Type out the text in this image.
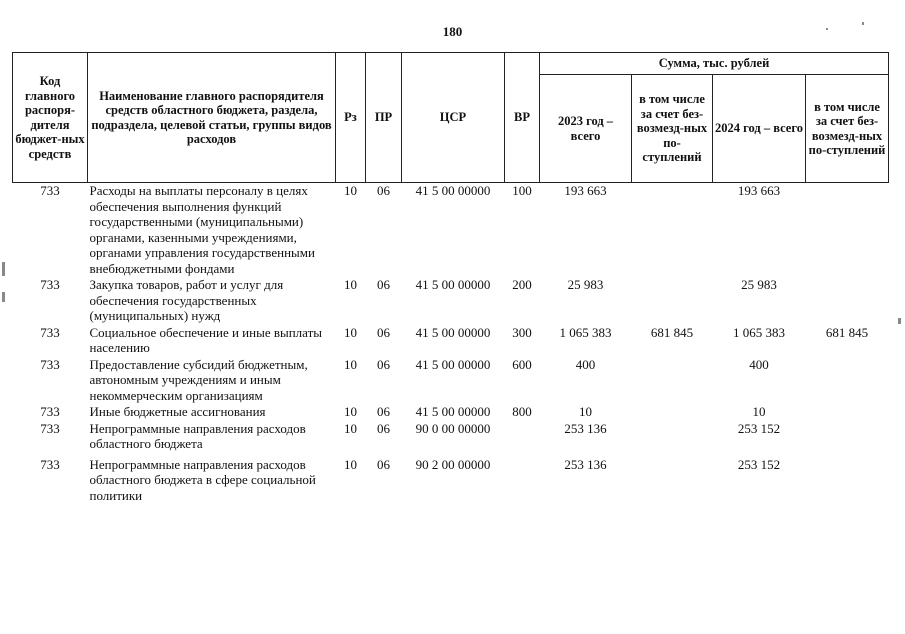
180
Код главного распоря-дителя бюджет-ных средств	Наименование главного распорядителя средств областного бюджета, раздела, подраздела, целевой статьи, группы видов расходов	Рз	ПР	ЦСР	ВР	Сумма, тыс. рублей			
						2023 год – всего	в том числе за счет без-возмезд-ных по-ступлений	2024 год – всего	в том числе за счет без-возмезд-ных по-ступлений
733	Расходы на выплаты персоналу в целях обеспечения выполнения функций государственными (муниципальными) органами, казенными учреждениями, органами управления государственными внебюджетными фондами	10	06	41 5 00 00000	100	193 663		193 663	
733	Закупка товаров, работ и услуг для обеспечения государственных (муниципальных) нужд	10	06	41 5 00 00000	200	25 983		25 983	
733	Социальное обеспечение и иные выплаты населению	10	06	41 5 00 00000	300	1 065 383	681 845	1 065 383	681 845
733	Предоставление субсидий бюджетным, автономным учреждениям и иным некоммерческим организациям	10	06	41 5 00 00000	600	400		400	
733	Иные бюджетные ассигнования	10	06	41 5 00 00000	800	10		10	
733	Непрограммные направления расходов областного бюджета	10	06	90 0 00 00000		253 136		253 152	
733	Непрограммные направления расходов областного бюджета в сфере социальной политики	10	06	90 2 00 00000		253 136		253 152	
